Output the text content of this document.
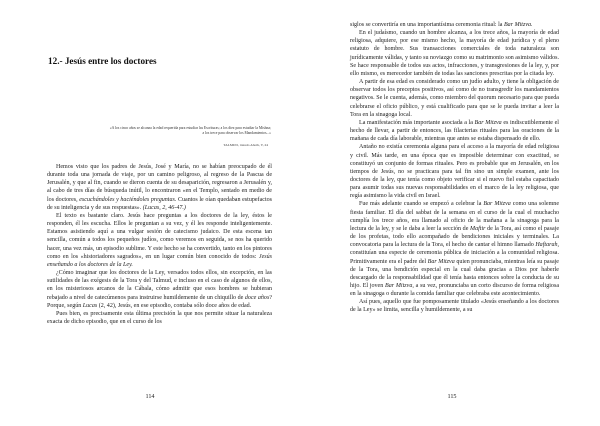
12.- Jesús entre los doctores
«A los cinco años se alcanza la edad requerida para estudiar las Escrituras; a los diez para estudiar la Mishna; a los trece para observar los Mandamientos...»
TALMUD, tratado Aboth, V, 24

Hemos visto que los padres de Jesús, José y María, no se habían preocupado de él durante toda una jornada de viaje, por un camino peligroso, al regreso de la Pascua de Jerusalén, y que al fin, cuando se dieron cuenta de su desaparición, regresaron a Jerusalén y, al cabo de tres días de búsqueda inútil, lo encontraron «en el Templo, sentado en medio de los doctores, escuchándoles y haciéndoles preguntas. Cuantos le oían quedaban estupefactos de su inteligencia y de sus respuestas». (Lucas, 2, 46-47.)

El texto es bastante claro. Jesús hace preguntas a los doctores de la ley, éstos le responden, él les escucha. Ellos le preguntan a su vez, y él les responde inteligentemente. Estamos asistiendo aquí a una vulgar sesión de catecismo judaico. De esta escena tan sencilla, común a todos los pequeños judíos, como veremos en seguida, se nos ha querido hacer, una vez más, un episodio sublime. Y este hecho se ha convertido, tanto en los pintores como en los «historiadores sagrados», en un lugar común bien conocido de todos: Jesús enseñando a los doctores de la Ley.

¿Cómo imaginar que los doctores de la Ley, versados todos ellos, sin excepción, en las sutilidades de las exégesis de la Tora y del Talmud, e incluso en el caso de algunos de ellos, en los misteriosos arcanos de la Cábala, cómo admitir que esos hombres se hubieran rebajado a nivel de catecúmenos para instruirse humildemente de un chiquillo de doce años? Porque, según Lucas (2, 42), Jesús, en ese episodio, contaba sólo doce años de edad.

Pues bien, es precisamente esta última precisión la que nos permite situar la naturaleza exacta de dicho episodio, que en el curso de los

114

siglos se convertiría en una importantísima ceremonia ritual: la Bar Mitzva.

En el judaísmo, cuando un hombre alcanza, a los trece años, la mayoría de edad religiosa, adquiere, por ese mismo hecho, la mayoría de edad jurídica y el pleno estatuto de hombre. Sus transacciones comerciales de toda naturaleza son jurídicamente válidas, y tanto su noviazgo como su matrimonio son asimismo válidos. Se hace responsable de todos sus actos, infracciones, y transgresiones de la ley, y, por ello mismo, es merecedor también de todas las sanciones prescritas por la citada ley.

A partir de esa edad es considerado como un judío adulto, y tiene la obligación de observar todos los preceptos positivos, así como de no transgredir los mandamientos negativos. Se le cuenta, además, como miembro del quorum necesario para que pueda celebrarse el oficio público, y está cualificado para que se le pueda invitar a leer la Tora en la sinagoga local.

La manifestación más importante asociada a la Bar Mitzva es indiscutiblemente el hecho de llevar, a partir de entonces, las filacterias rituales para las oraciones de la mañana de cada día laborable, mientras que antes se estaba dispensado de ello.

Antaño no existía ceremonia alguna para el acceso a la mayoría de edad religiosa y civil. Más tarde, en una época que es imposible determinar con exactitud, se constituyó un conjunto de formas rituales. Pero es probable que en Jerusalén, en los tiempos de Jesús, no se practicara para tal fin sino un simple examen, ante los doctores de la ley, que tenía como objeto verificar si el nuevo fiel estaba capacitado para asumir todas sus nuevas responsabilidades en el marco de la ley religiosa, que regía asimismo la vida civil en Israel.

Fue más adelante cuando se empezó a celebrar la Bar Mitzva como una solemne fiesta familiar. El día del sabbat de la semana en el curso de la cual el muchacho cumplía los trece años, era llamado al oficio de la mañana a la sinagoga para la lectura de la ley, y se le daba a leer la sección de Maftir de la Tora, así como el pasaje de los profetas, todo ello acompañado de bendiciones iniciales y terminales. La convocatoria para la lectura de la Tora, el hecho de cantar el himno llamado Haftarah, constituían una especie de ceremonia pública de iniciación a la comunidad religiosa. Primitivamente era el padre del Bar Mitzva quien pronunciaba, mientras leía su pasaje de la Tora, una bendición especial en la cual daba gracias a Dios por haberle descargado de la responsabilidad que él tenía hasta entonces sobre la conducta de su hijo. El joven Bar Mitzva, a su vez, pronunciaba un corto discurso de forma religiosa en la sinagoga o durante la comida familiar que celebraba este acontecimiento.

Así pues, aquello que fue pomposamente titulado «Jesús enseñando a los doctores de la Ley» se limita, sencilla y humildemente, a su

115
